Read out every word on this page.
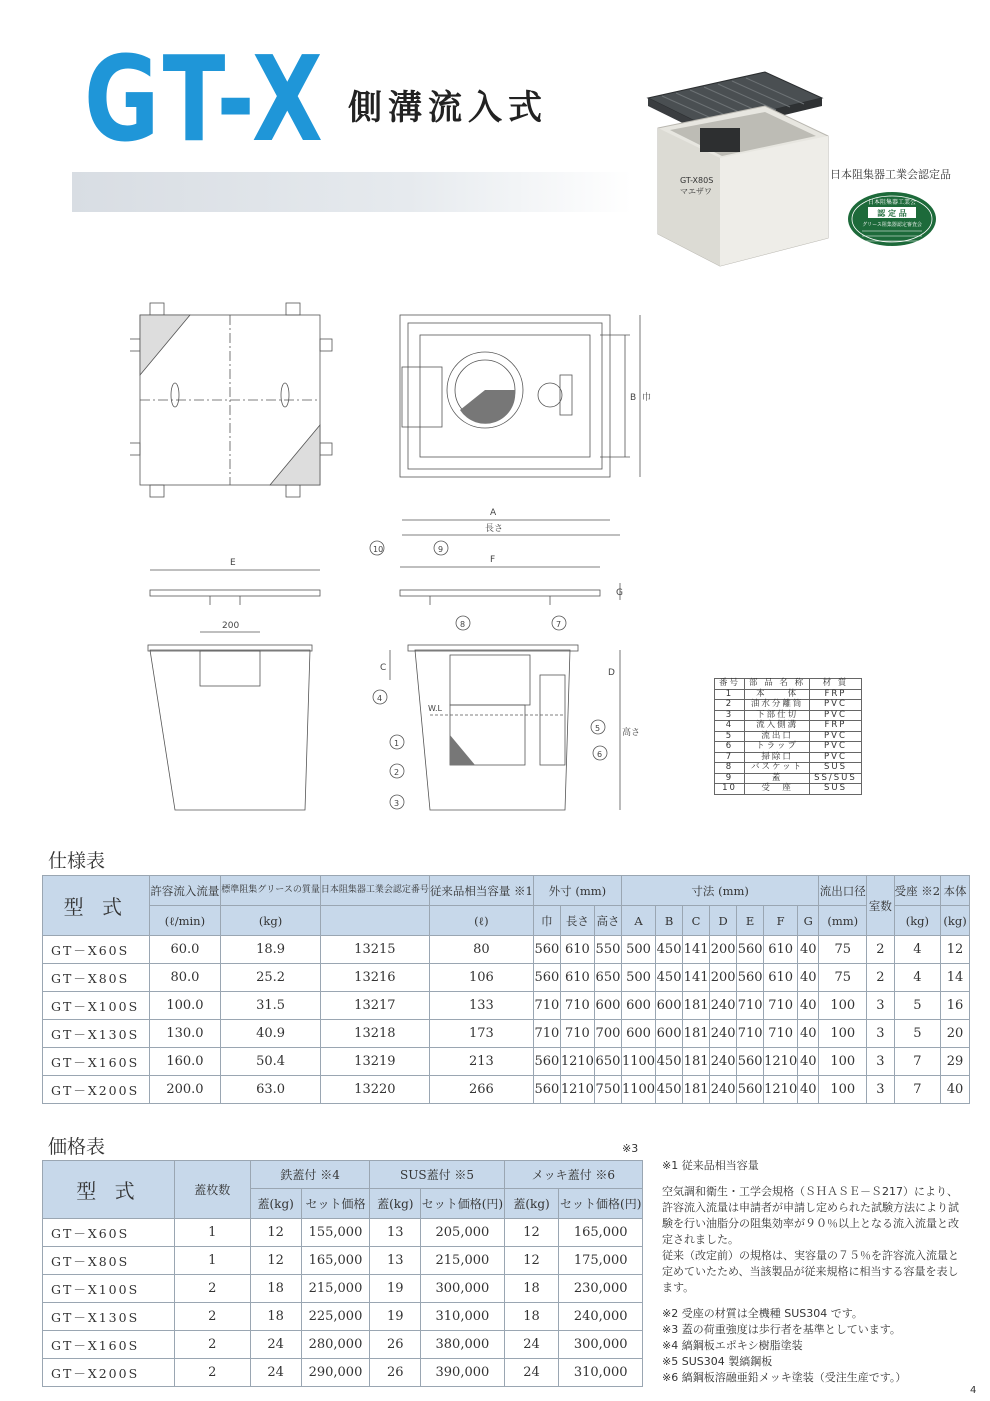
GT-X 側溝流入式
GT-X80S
マエザワ
日本阻集器工業会認定品
日本阻集器工業会
認 定 品
グリース阻集器認定審査会
A
長さ
B 巾
E
10	9
F
G
200	8	7
4
1
2
3
5
6
C	D
高さ
W.L
番号	部 品 名 称	材 質
1	本　　体	FRP
2	油水分離筒	PVC
3	下部仕切	PVC
4	流入側溝	FRP
5	流出口	PVC
6	トラップ	PVC
7	掃除口	PVC
8	バスケット	SUS
9	蓋	SS/SUS
10	受　座	SUS
仕様表
型 式	許容流入流量	標準阻集グリースの質量	日本阻集器工業会認定番号	従来品相当容量 ※1	外寸 (mm)			寸法 (mm)							流出口径	室数	受座 ※2	本体
	(ℓ/min)	(kg)		(ℓ)	巾	長さ	高さ	A	B	C	D	E	F	G	(mm)		(kg)	(kg)
GT－X60S	60.0	18.9	13215	80	560	610	550	500	450	141	200	560	610	40	75	2	4	12
GT－X80S	80.0	25.2	13216	106	560	610	650	500	450	141	200	560	610	40	75	2	4	14
GT－X100S	100.0	31.5	13217	133	710	710	600	600	600	181	240	710	710	40	100	3	5	16
GT－X130S	130.0	40.9	13218	173	710	710	700	600	600	181	240	710	710	40	100	3	5	20
GT－X160S	160.0	50.4	13219	213	560	1210	650	1100	450	181	240	560	1210	40	100	3	7	29
GT－X200S	200.0	63.0	13220	266	560	1210	750	1100	450	181	240	560	1210	40	100	3	7	40
価格表	※3
型 式	蓋枚数	鉄蓋付 ※4		SUS蓋付 ※5		メッキ蓋付 ※6	
		蓋(kg)	セット価格	蓋(kg)	セット価格(円)	蓋(kg)	セット価格(円)
GT－X60S	1	12	155,000	13	205,000	12	165,000
GT－X80S	1	12	165,000	13	215,000	12	175,000
GT－X100S	2	18	215,000	19	300,000	18	230,000
GT－X130S	2	18	225,000	19	310,000	18	240,000
GT－X160S	2	24	280,000	26	380,000	24	300,000
GT－X200S	2	24	290,000	26	390,000	24	310,000

※1 従来品相当容量

空気調和衛生・工学会規格（ＳＨＡＳＥ－Ｓ217）により、許容流入流量は申請者が申請し定められた試験方法により試験を行い油脂分の阻集効率が９０％以上となる流入流量と改定されました。

従来（改定前）の規格は、実容量の７５％を許容流入流量と定めていたため、当該製品が従来規格に相当する容量を表します。

※2 受座の材質は全機種 SUS304 です。

※3 蓋の荷重強度は歩行者を基準としています。

※4 縞鋼板エポキシ樹脂塗装

※5 SUS304 製縞鋼板

※6 縞鋼板溶融亜鉛メッキ塗装（受注生産です。）

4
